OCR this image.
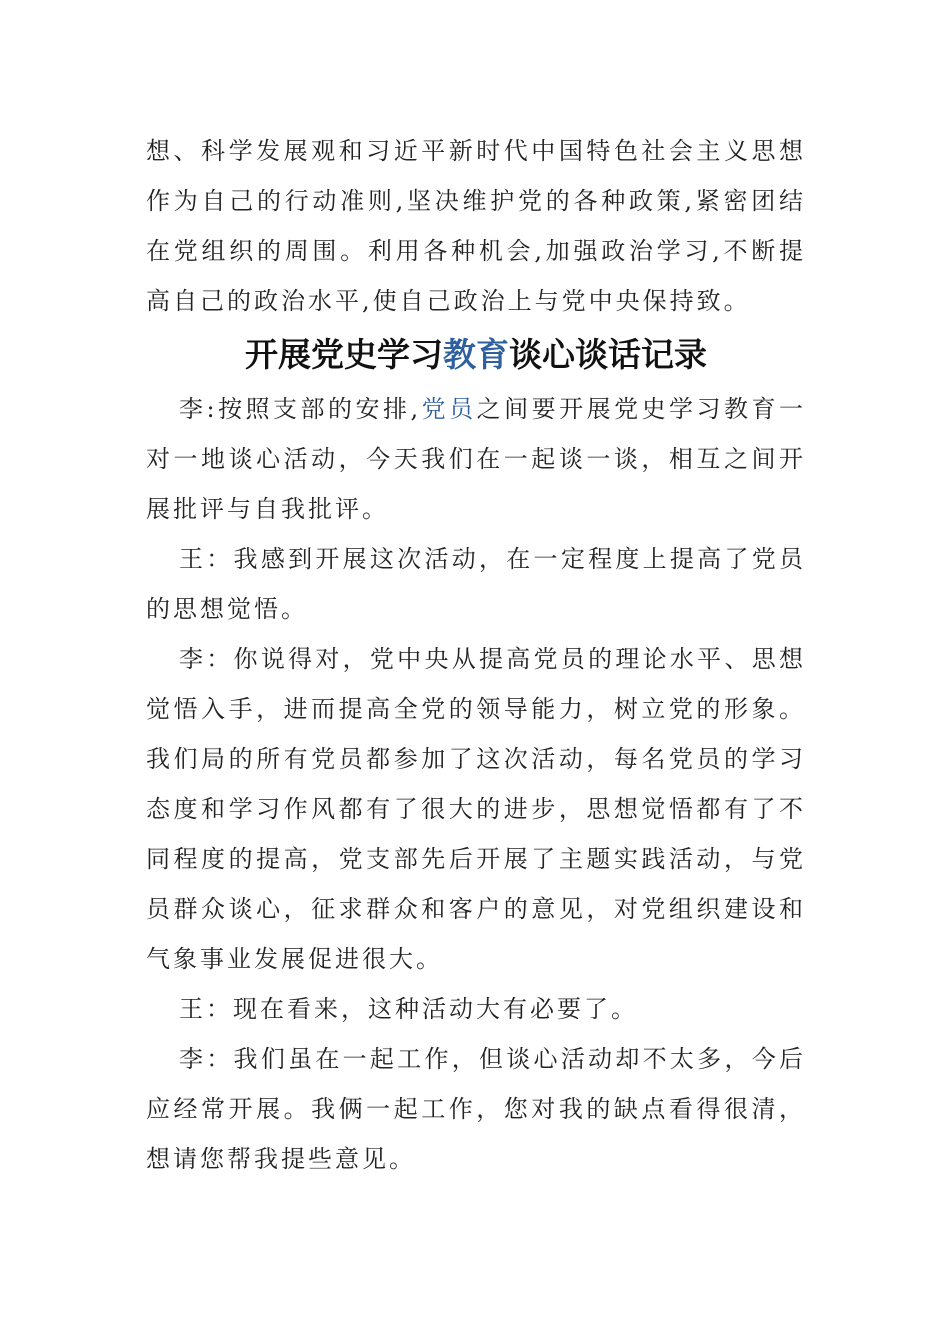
想、科学发展观和习近平新时代中国特色社会主义思想作为自己的行动准则,坚决维护党的各种政策,紧密团结在党组织的周围。利用各种机会,加强政治学习,不断提高自己的政治水平,使自己政治上与党中央保持致。

开展党史学习教育谈心谈话记录

李:按照支部的安排,党员之间要开展党史学习教育一对一地谈心活动，今天我们在一起谈一谈，相互之间开展批评与自我批评。

王：我感到开展这次活动，在一定程度上提高了党员的思想觉悟。

李：你说得对，党中央从提高党员的理论水平、思想觉悟入手，进而提高全党的领导能力，树立党的形象。我们局的所有党员都参加了这次活动，每名党员的学习态度和学习作风都有了很大的进步，思想觉悟都有了不同程度的提高，党支部先后开展了主题实践活动，与党员群众谈心，征求群众和客户的意见，对党组织建设和气象事业发展促进很大。

王：现在看来，这种活动大有必要了。

李：我们虽在一起工作，但谈心活动却不太多，今后应经常开展。我俩一起工作，您对我的缺点看得很清，想请您帮我提些意见。
